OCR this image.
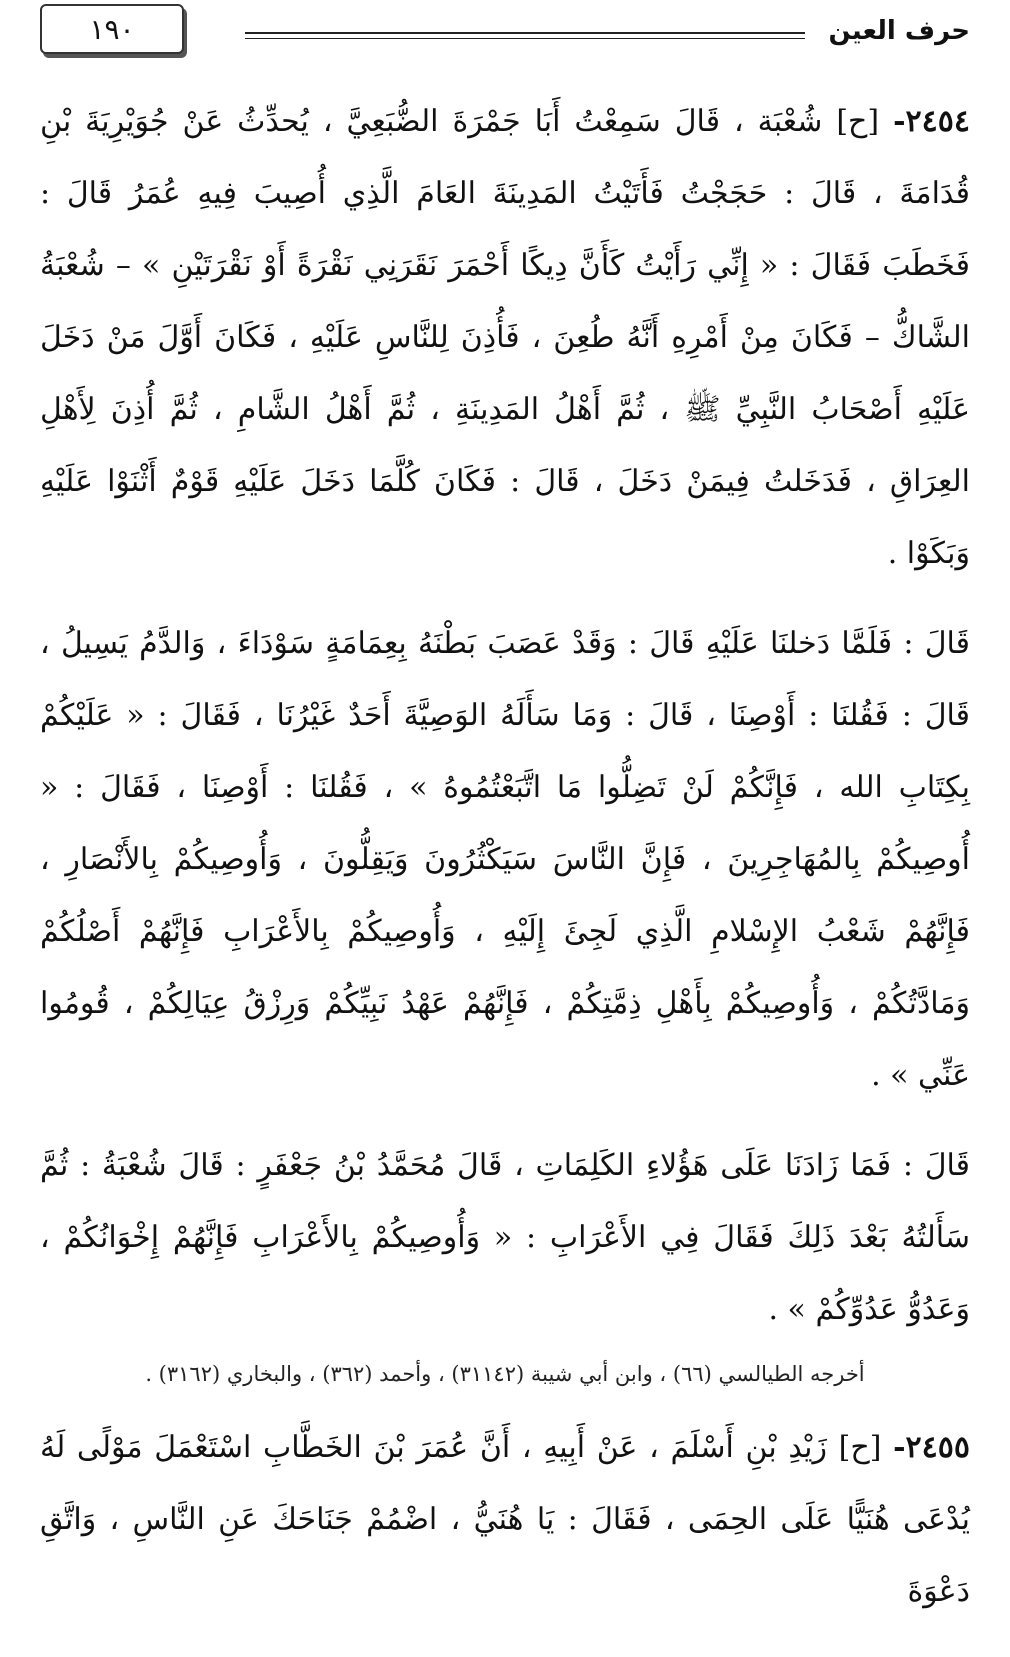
حرف العين
١٩٠

٢٤٥٤- [ح] شُعْبَة ، قَالَ سَمِعْتُ أَبَا جَمْرَةَ الضُّبَعِيَّ ، يُحدِّثُ عَنْ جُوَيْرِيَةَ بْنِ قُدَامَةَ ، قَالَ : حَجَجْتُ فَأَتَيْتُ المَدِينَةَ العَامَ الَّذِي أُصِيبَ فِيهِ عُمَرُ قَالَ : فَخَطَبَ فَقَالَ : « إِنِّي رَأَيْتُ كَأَنَّ دِيكًا أَحْمَرَ نَقَرَنِي نَقْرَةً أَوْ نَقْرَتَيْنِ » – شُعْبَةُ الشَّاكُّ – فَكَانَ مِنْ أَمْرِهِ أَنَّهُ طُعِنَ ، فَأُذِنَ لِلنَّاسِ عَلَيْهِ ، فَكَانَ أَوَّلَ مَنْ دَخَلَ عَلَيْهِ أَصْحَابُ النَّبِيِّ ﷺ ، ثُمَّ أَهْلُ المَدِينَةِ ، ثُمَّ أَهْلُ الشَّامِ ، ثُمَّ أُذِنَ لِأَهْلِ العِرَاقِ ، فَدَخَلتُ فِيمَنْ دَخَلَ ، قَالَ : فَكَانَ كُلَّمَا دَخَلَ عَلَيْهِ قَوْمٌ أَثْنَوْا عَلَيْهِ وَبَكَوْا .

قَالَ : فَلَمَّا دَخلنَا عَلَيْهِ قَالَ : وَقَدْ عَصَبَ بَطْنَهُ بِعِمَامَةٍ سَوْدَاءَ ، وَالدَّمُ يَسِيلُ ، قَالَ : فَقُلنَا : أَوْصِنَا ، قَالَ : وَمَا سَأَلَهُ الوَصِيَّةَ أَحَدٌ غَيْرُنَا ، فَقَالَ : « عَلَيْكُمْ بِكِتَابِ الله ، فَإِنَّكُمْ لَنْ تَضِلُّوا مَا اتَّبَعْتُمُوهُ » ، فَقُلنَا : أَوْصِنَا ، فَقَالَ : « أُوصِيكُمْ بِالمُهَاجِرِينَ ، فَإِنَّ النَّاسَ سَيَكْثُرُونَ وَيَقِلُّونَ ، وَأُوصِيكُمْ بِالأَنْصَارِ ، فَإِنَّهُمْ شَعْبُ الإِسْلامِ الَّذِي لَجِئَ إِلَيْهِ ، وَأُوصِيكُمْ بِالأَعْرَابِ فَإِنَّهُمْ أَصْلُكُمْ وَمَادَّتُكُمْ ، وَأُوصِيكُمْ بِأَهْلِ ذِمَّتِكُمْ ، فَإِنَّهُمْ عَهْدُ نَبِيِّكُمْ وَرِزْقُ عِيَالِكُمْ ، قُومُوا عَنِّي » .

قَالَ : فَمَا زَادَنَا عَلَى هَؤُلاءِ الكَلِمَاتِ ، قَالَ مُحَمَّدُ بْنُ جَعْفَرٍ : قَالَ شُعْبَةُ : ثُمَّ سَأَلتُهُ بَعْدَ ذَلِكَ فَقَالَ فِي الأَعْرَابِ : « وَأُوصِيكُمْ بِالأَعْرَابِ فَإِنَّهُمْ إِخْوَانُكُمْ ، وَعَدُوُّ عَدُوِّكُمْ » .

أخرجه الطيالسي (٦٦) ، وابن أبي شيبة (٣١١٤٢) ، وأحمد (٣٦٢) ، والبخاري (٣١٦٢) .

٢٤٥٥- [ح] زَيْدِ بْنِ أَسْلَمَ ، عَنْ أَبِيهِ ، أَنَّ عُمَرَ بْنَ الخَطَّابِ اسْتَعْمَلَ مَوْلًى لَهُ يُدْعَى هُنَيًّا عَلَى الحِمَى ، فَقَالَ : يَا هُنَيُّ ، اضْمُمْ جَنَاحَكَ عَنِ النَّاسِ ، وَاتَّقِ دَعْوَةَ
